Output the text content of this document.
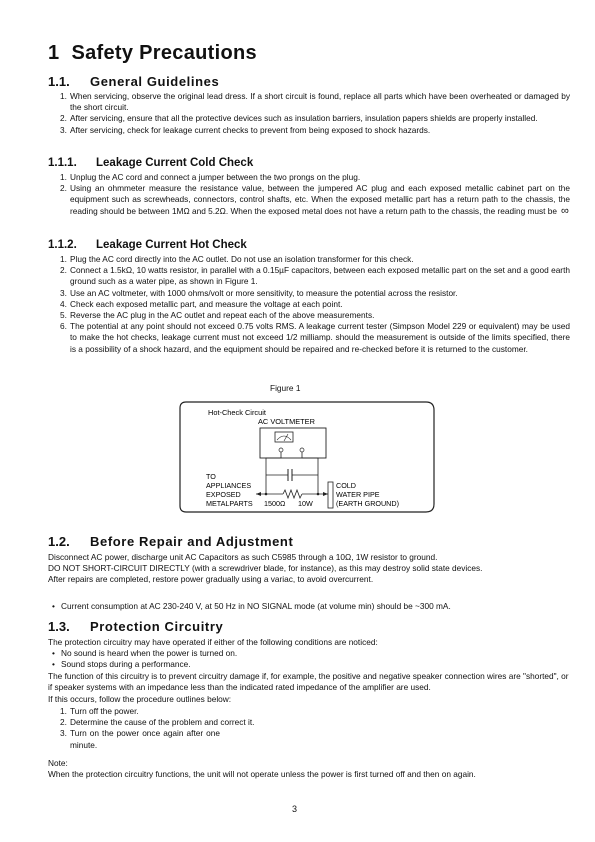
1 Safety Precautions
1.1. General Guidelines
1. When servicing, observe the original lead dress. If a short circuit is found, replace all parts which have been overheated or damaged by the short circuit.
2. After servicing, ensure that all the protective devices such as insulation barriers, insulation papers shields are properly installed.
3. After servicing, check for leakage current checks to prevent from being exposed to shock hazards.
1.1.1. Leakage Current Cold Check
1. Unplug the AC cord and connect a jumper between the two prongs on the plug.
2. Using an ohmmeter measure the resistance value, between the jumpered AC plug and each exposed metallic cabinet part on the equipment such as screwheads, connectors, control shafts, etc. When the exposed metallic part has a return path to the chassis, the reading should be between 1MΩ and 5.2Ω. When the exposed metal does not have a return path to the chassis, the reading must be ∞
1.1.2. Leakage Current Hot Check
1. Plug the AC cord directly into the AC outlet. Do not use an isolation transformer for this check.
2. Connect a 1.5kΩ, 10 watts resistor, in parallel with a 0.15µF capacitors, between each exposed metallic part on the set and a good earth ground such as a water pipe, as shown in Figure 1.
3. Use an AC voltmeter, with 1000 ohms/volt or more sensitivity, to measure the potential across the resistor.
4. Check each exposed metallic part, and measure the voltage at each point.
5. Reverse the AC plug in the AC outlet and repeat each of the above measurements.
6. The potential at any point should not exceed 0.75 volts RMS. A leakage current tester (Simpson Model 229 or equivalent) may be used to make the hot checks, leakage current must not exceed 1/2 milliamp. should the measurement is outside of the limits specified, there is a possibility of a shock hazard, and the equipment should be repaired and re-checked before it is returned to the customer.
Figure 1
Hot-Check Circuit
AC VOLTMETER
TO
APPLIANCES
EXPOSED
METALPARTS 1500Ω 10W
COLD
WATER PIPE
(EARTH GROUND)
1.2. Before Repair and Adjustment
Disconnect AC power, discharge unit AC Capacitors as such C5985 through a 10Ω, 1W resistor to ground.
DO NOT SHORT-CIRCUIT DIRECTLY (with a screwdriver blade, for instance), as this may destroy solid state devices.
After repairs are completed, restore power gradually using a variac, to avoid overcurrent.
• Current consumption at AC 230-240 V, at 50 Hz in NO SIGNAL mode (at volume min) should be ~300 mA.
1.3. Protection Circuitry
The protection circuitry may have operated if either of the following conditions are noticed:
• No sound is heard when the power is turned on.
• Sound stops during a performance.
The function of this circuitry is to prevent circuitry damage if, for example, the positive and negative speaker connection wires are "shorted", or if speaker systems with an impedance less than the indicated rated impedance of the amplifier are used.
If this occurs, follow the procedure outlines below:
1. Turn off the power.
2. Determine the cause of the problem and correct it.
3. Turn on the power once again after one minute.
Note:
When the protection circuitry functions, the unit will not operate unless the power is first turned off and then on again.
3
